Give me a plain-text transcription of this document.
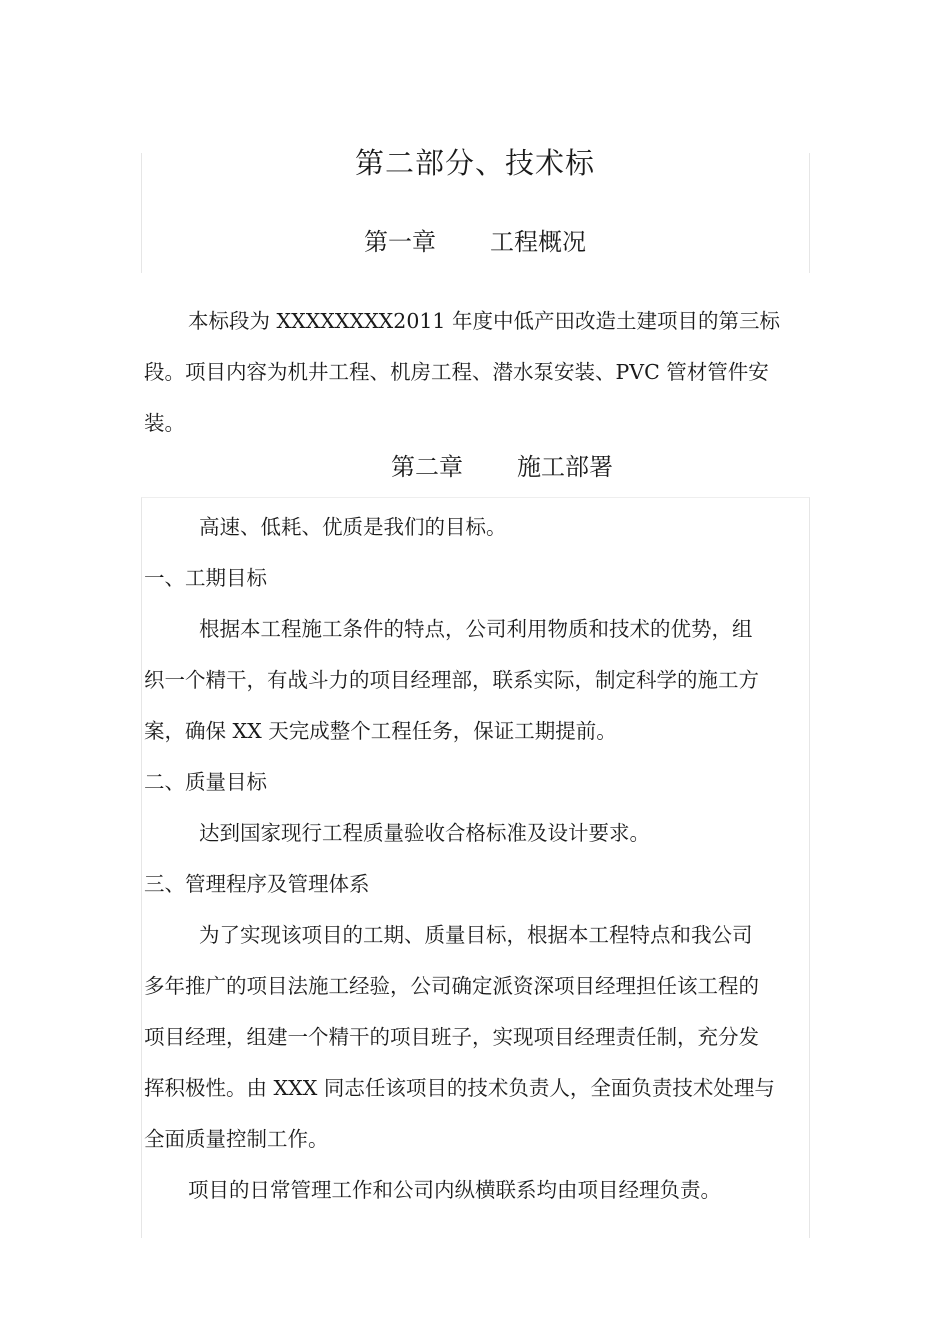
第二部分、技术标
第一章 工程概况
本标段为 XXXXXXXX2011 年度中低产田改造土建项目的第三标
段。项目内容为机井工程、机房工程、潜水泵安装、PVC 管材管件安
装。
第二章 施工部署
高速、低耗、优质是我们的目标。
一、工期目标
根据本工程施工条件的特点，公司利用物质和技术的优势，组
织一个精干，有战斗力的项目经理部，联系实际，制定科学的施工方
案，确保 XX 天完成整个工程任务，保证工期提前。
二、质量目标
达到国家现行工程质量验收合格标准及设计要求。
三、管理程序及管理体系
为了实现该项目的工期、质量目标，根据本工程特点和我公司
多年推广的项目法施工经验，公司确定派资深项目经理担任该工程的
项目经理，组建一个精干的项目班子，实现项目经理责任制，充分发
挥积极性。由 XXX 同志任该项目的技术负责人，全面负责技术处理与
全面质量控制工作。
项目的日常管理工作和公司内纵横联系均由项目经理负责。
